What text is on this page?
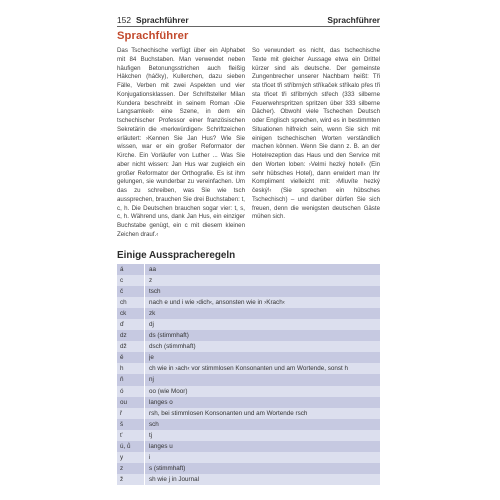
152 Sprachführer	Sprachführer
Sprachführer
Das Tschechische verfügt über ein Alphabet mit 84 Buchstaben. Man verwendet neben häufigen Betonungsstrichen auch fleißig Häkchen (háčky), Kullerchen, dazu sieben Fälle, Verben mit zwei Aspekten und vier Konjugationsklassen. Der Schriftsteller Milan Kundera beschreibt in seinem Roman ›Die Langsamkeit‹ eine Szene, in dem ein tschechischer Professor einer französischen Sekretärin die ›merkwürdigen‹ Schriftzeichen erläutert: ›Kennen Sie Jan Hus? Wie Sie wissen, war er ein großer Reformator der Kirche. Ein Vorläufer von Luther ... Was Sie aber nicht wissen: Jan Hus war zugleich ein großer Reformator der Orthografie. Es ist ihm gelungen, sie wunderbar zu vereinfachen. Um das zu schreiben, was Sie wie tsch aussprechen, brauchen Sie drei Buchstaben: t, c, h. Die Deutschen brauchen sogar vier: t, s, c, h. Während uns, dank Jan Hus, ein einziger Buchstabe genügt, ein c mit diesem kleinen Zeichen drauf.‹
So verwundert es nicht, das tschechische Texte mit gleicher Aussage etwa ein Drittel kürzer sind als deutsche. Der gemeinste Zungenbrecher unserer Nachbarn heißt: Tři sta třicet tři stříbrných stříkaček stříkalo přes tři sta třicet tři stříbrných střech (333 silberne Feuerwehrspritzen spritzen über 333 silberne Dächer). Obwohl viele Tschechen Deutsch oder Englisch sprechen, wird es in bestimmten Situationen hilfreich sein, wenn Sie sich mit einigen tschechischen Worten verständlich machen können. Wenn Sie dann z. B. an der Hotelrezeption das Haus und den Service mit den Worten loben: ›Velmi hezký hotel!‹ (Ein sehr hübsches Hotel), dann erwidert man Ihr Kompliment vielleicht mit: ›Mluvíte hezký český!‹ (Sie sprechen ein hübsches Tschechisch) – und darüber dürfen Sie sich freuen, denn die wenigsten deutschen Gäste mühen sich.
Einige Ausspracheregeln
á	aa
c	z
č	tsch
ch	nach e und i wie ›dich‹, ansonsten wie in ›Krach‹
ck	zk
ď	dj
dz	ds (stimmhaft)
dž	dsch (stimmhaft)
ě	je
h	ch wie in ›ach‹ vor stimmlosen Konsonanten und am Wortende, sonst h
ň	nj
ó	oo (wie Moor)
ou	langes o
ř	rsh, bei stimmlosen Konsonanten und am Wortende rsch
š	sch
ť	tj
ú, ů	langes u
y	i
z	s (stimmhaft)
ž	sh wie j in Journal
